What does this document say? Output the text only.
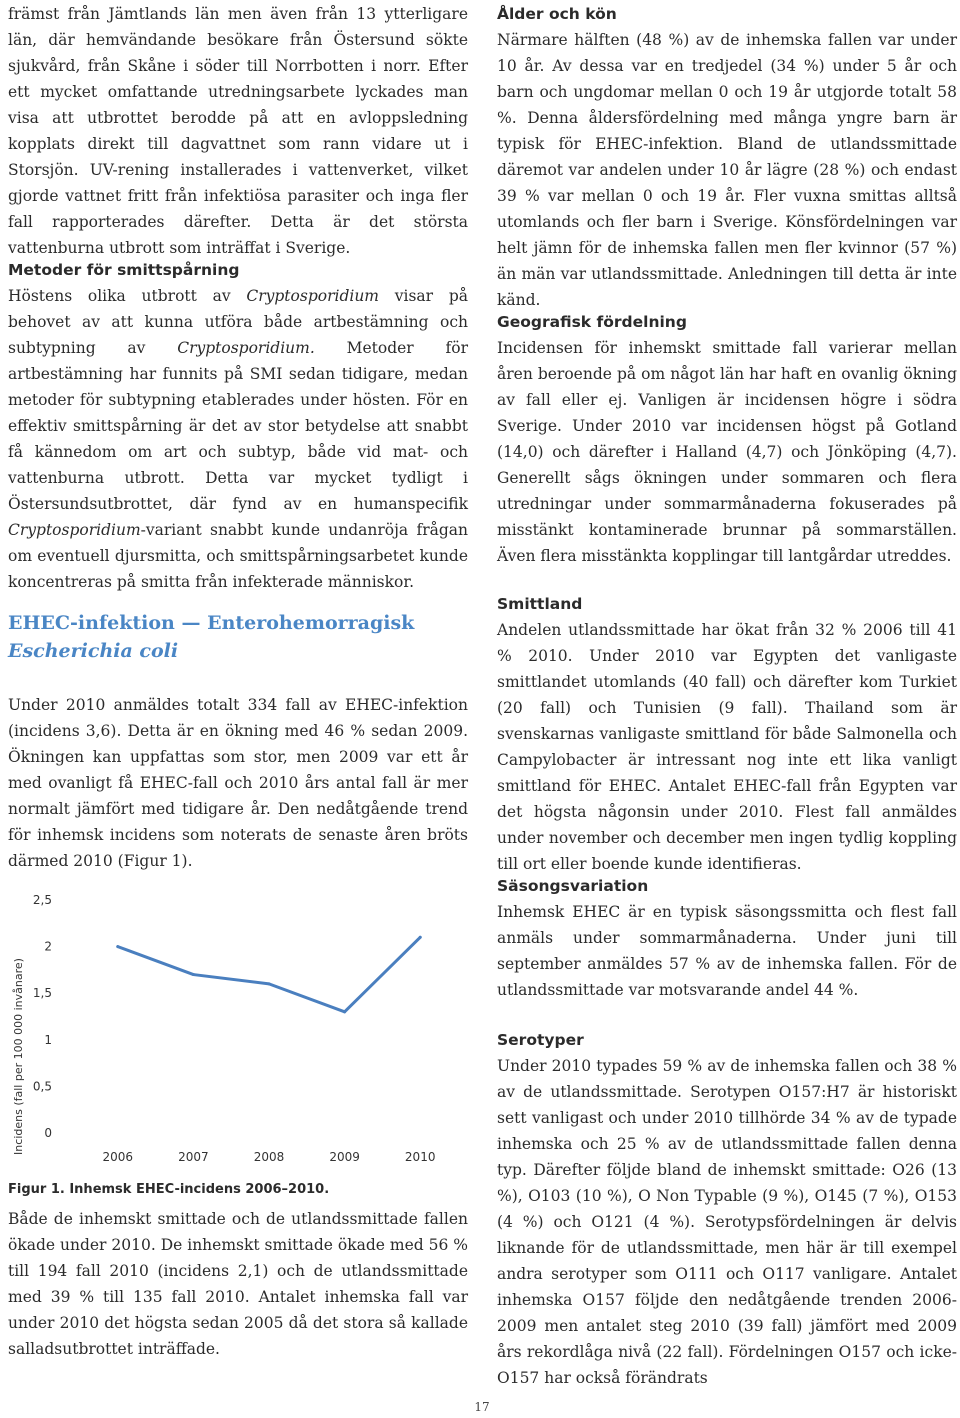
främst från Jämtlands län men även från 13 ytterligare län, där hemvändande besökare från Östersund sökte sjukvård, från Skåne i söder till Norrbotten i norr. Efter ett mycket omfattande utredningsarbete lyckades man visa att utbrottet berodde på att en avloppsledning kopplats direkt till dagvattnet som rann vidare ut i Storsjön. UV-rening installerades i vattenverket, vilket gjorde vattnet fritt från infektiösa parasiter och inga fler fall rapporterades därefter. Detta är det största vattenburna utbrott som inträffat i Sverige.

Metoder för smittspårning

Höstens olika utbrott av Cryptosporidium visar på behovet av att kunna utföra både artbestämning och subtypning av Cryptosporidium. Metoder för artbestämning har funnits på SMI sedan tidigare, medan metoder för subtypning etablerades under hösten. För en effektiv smittspårning är det av stor betydelse att snabbt få kännedom om art och subtyp, både vid mat- och vattenburna utbrott. Detta var mycket tydligt i Östersundsutbrottet, där fynd av en humanspecifik Cryptosporidium-variant snabbt kunde undanröja frågan om eventuell djursmitta, och smittspårningsarbetet kunde koncentreras på smitta från infekterade människor.

EHEC-infektion — Enterohemorragisk
Escherichia coli

Under 2010 anmäldes totalt 334 fall av EHEC-infektion (incidens 3,6). Detta är en ökning med 46 % sedan 2009. Ökningen kan uppfattas som stor, men 2009 var ett år med ovanligt få EHEC-fall och 2010 års antal fall är mer normalt jämfört med tidigare år. Den nedåtgående trend för inhemsk incidens som noterats de senaste åren bröts därmed 2010 (Figur 1).

Incidens (fall per 100 000 invånare) 0
0,5
1
1,5
2
2,5
2006	2007	2008	2009	2010
Figur 1. Inhemsk EHEC-incidens 2006–2010.

Både de inhemskt smittade och de utlandssmittade fallen ökade under 2010. De inhemskt smittade ökade med 56 % till 194 fall 2010 (incidens 2,1) och de utlandssmittade med 39 % till 135 fall 2010. Antalet inhemska fall var under 2010 det högsta sedan 2005 då det stora så kallade salladsutbrottet inträffade.

Ålder och kön

Närmare hälften (48 %) av de inhemska fallen var under 10 år. Av dessa var en tredjedel (34 %) under 5 år och barn och ungdomar mellan 0 och 19 år utgjorde totalt 58 %. Denna åldersfördelning med många yngre barn är typisk för EHEC-infektion. Bland de utlandssmittade däremot var andelen under 10 år lägre (28 %) och endast 39 % var mellan 0 och 19 år. Fler vuxna smittas alltså utomlands och fler barn i Sverige. Könsfördelningen var helt jämn för de inhemska fallen men fler kvinnor (57 %) än män var utlandssmittade. Anledningen till detta är inte känd.

Geografisk fördelning

Incidensen för inhemskt smittade fall varierar mellan åren beroende på om något län har haft en ovanlig ökning av fall eller ej. Vanligen är incidensen högre i södra Sverige. Under 2010 var incidensen högst på Gotland (14,0) och därefter i Halland (4,7) och Jönköping (4,7). Generellt sågs ökningen under sommaren och flera utredningar under sommarmånaderna fokuserades på misstänkt kontaminerade brunnar på sommarställen. Även flera misstänkta kopplingar till lantgårdar utreddes.

Smittland

Andelen utlandssmittade har ökat från 32 % 2006 till 41 % 2010. Under 2010 var Egypten det vanligaste smittlandet utomlands (40 fall) och därefter kom Turkiet (20 fall) och Tunisien (9 fall). Thailand som är svenskarnas vanligaste smittland för både Salmonella och Campylobacter är intressant nog inte ett lika vanligt smittland för EHEC. Antalet EHEC-fall från Egypten var det högsta någonsin under 2010. Flest fall anmäldes under november och december men ingen tydlig koppling till ort eller boende kunde identifieras.

Säsongsvariation

Inhemsk EHEC är en typisk säsongssmitta och flest fall anmäls under sommarmånaderna. Under juni till september anmäldes 57 % av de inhemska fallen. För de utlandssmittade var motsvarande andel 44 %.

Serotyper

Under 2010 typades 59 % av de inhemska fallen och 38 % av de utlandssmittade. Serotypen O157:H7 är historiskt sett vanligast och under 2010 tillhörde 34 % av de typade inhemska och 25 % av de utlandssmittade fallen denna typ. Därefter följde bland de inhemskt smittade: O26 (13 %), O103 (10 %), O Non Typable (9 %), O145 (7 %), O153 (4 %) och O121 (4 %). Serotypsfördelningen är delvis liknande för de utlandssmittade, men här är till exempel andra serotyper som O111 och O117 vanligare. Antalet inhemska O157 följde den nedåtgående trenden 2006-2009 men antalet steg 2010 (39 fall) jämfört med 2009 års rekordlåga nivå (22 fall). Fördelningen O157 och icke-O157 har också förändrats

17
